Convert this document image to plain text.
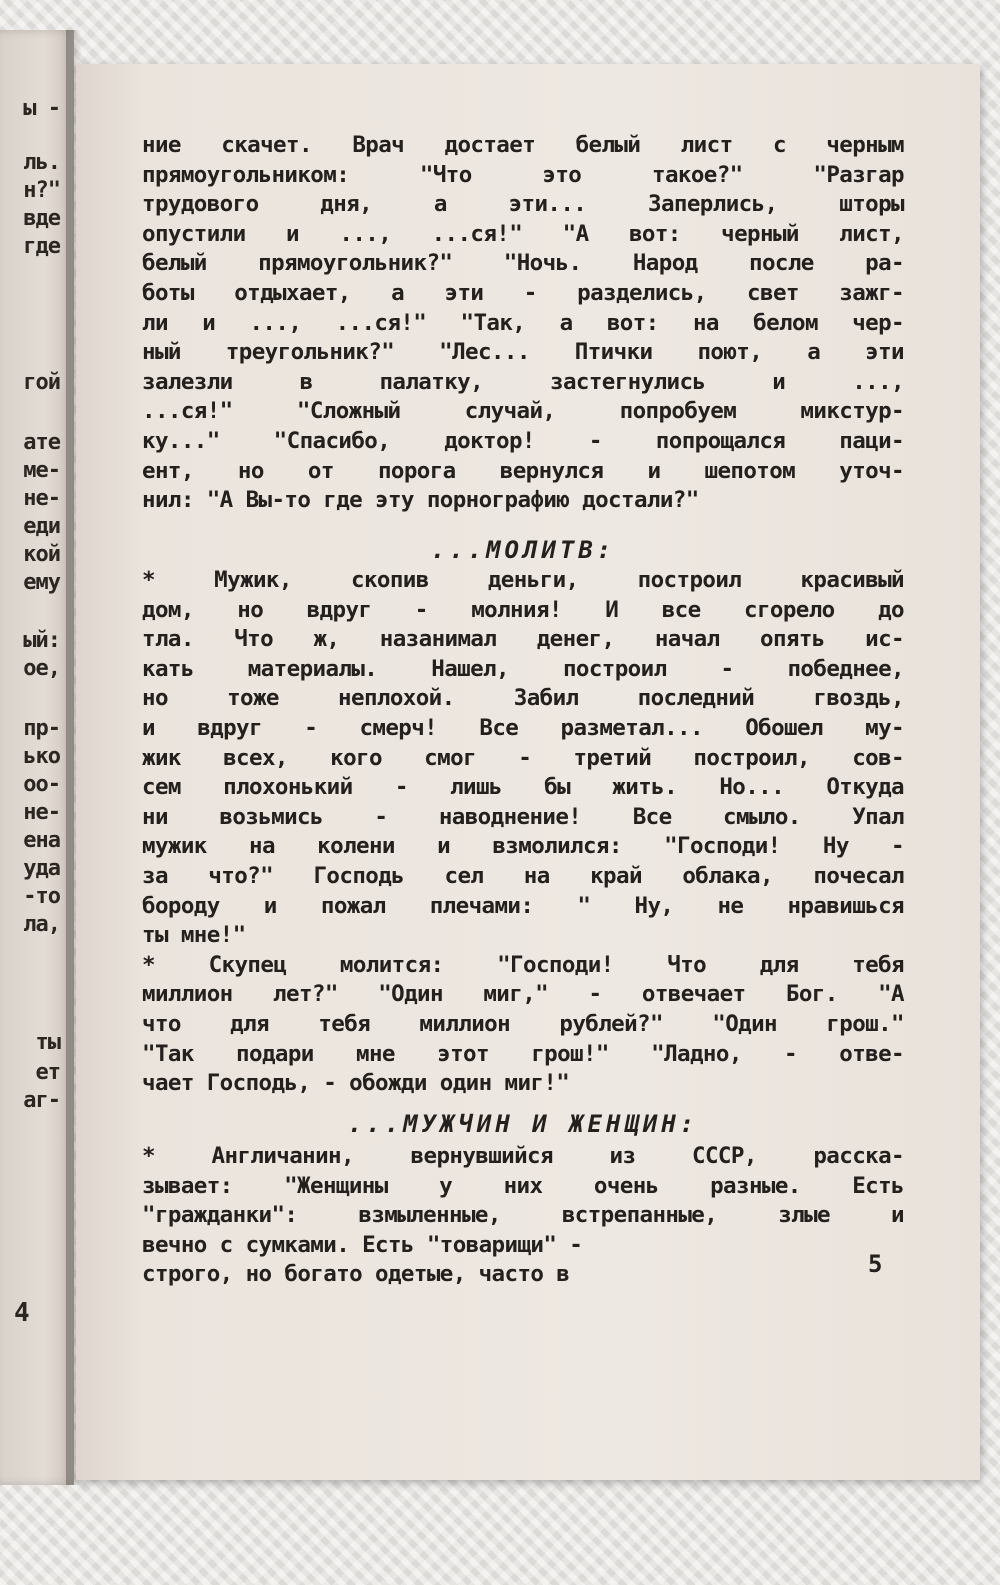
ы -
ль.
н?"
вде
где
гой
ате
ме-
не-
еди
кой
ему
ый:
ое,
пр-
ько
оо-
не-
ена
уда
-то
ла,
ты
ет
аг-
4
ние скачет. Врач достает белый лист с черным
прямоугольником: "Что это такое?" "Разгар
трудового дня, а эти... Заперлись, шторы
опустили и ..., ...ся!" "А вот: черный лист,
белый прямоугольник?" "Ночь. Народ после ра-
боты отдыхает, а эти - разделись, свет зажг-
ли и ..., ...ся!" "Так, а вот: на белом чер-
ный треугольник?" "Лес... Птички поют, а эти
залезли в палатку, застегнулись и ...,
...ся!" "Сложный случай, попробуем микстур-
ку..." "Спасибо, доктор! - попрощался паци-
ент, но от порога вернулся и шепотом уточ-
нил: "А Вы-то где эту порнографию достали?"
...МОЛИТВ:
* Мужик, скопив деньги, построил красивый
дом, но вдруг - молния! И все сгорело до
тла. Что ж, назанимал денег, начал опять ис-
кать материалы. Нашел, построил - победнее,
но тоже неплохой. Забил последний гвоздь,
и вдруг - смерч! Все разметал... Обошел му-
жик всех, кого смог - третий построил, сов-
сем плохонький - лишь бы жить. Но... Откуда
ни возьмись - наводнение! Все смыло. Упал
мужик на колени и взмолился: "Господи! Ну -
за что?" Господь сел на край облака, почесал
бороду и пожал плечами: " Ну, не нравишься
ты мне!"
* Скупец молится: "Господи! Что для тебя
миллион лет?" "Один миг," - отвечает Бог. "А
что для тебя миллион рублей?" "Один грош."
"Так подари мне этот грош!" "Ладно, - отве-
чает Господь, - обожди один миг!"
...МУЖЧИН И ЖЕНЩИН:
* Англичанин, вернувшийся из СССР, расска-
зывает: "Женщины у них очень разные. Есть
"гражданки": взмыленные, встрепанные, злые и
вечно с сумками. Есть "товарищи" -
строго, но богато одетые, часто в	5
